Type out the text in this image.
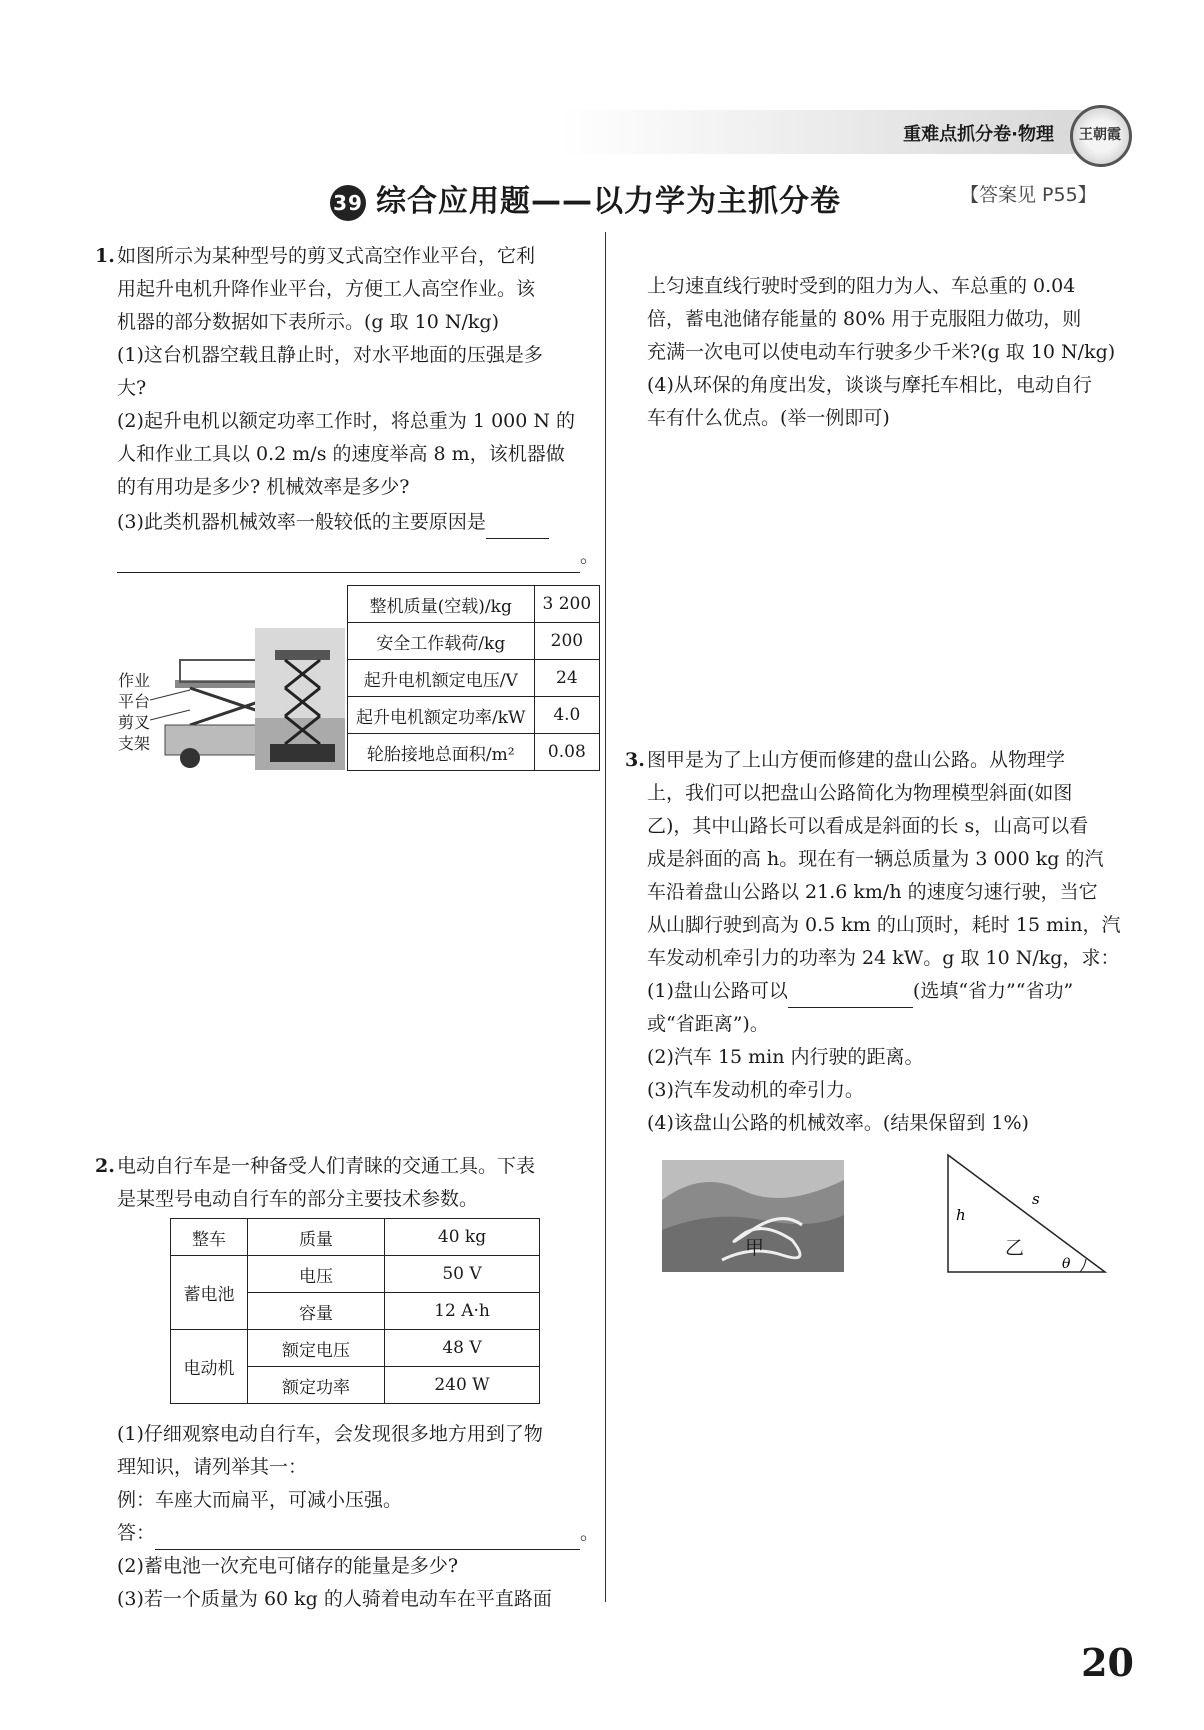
重难点抓分卷·物理 王朝霞
39 综合应用题——以力学为主抓分卷	【答案见 P55】
1. 如图所示为某种型号的剪叉式高空作业平台，它利
用起升电机升降作业平台，方便工人高空作业。该
机器的部分数据如下表所示。(g 取 10 N/kg)
(1)这台机器空载且静止时，对水平地面的压强是多
大?
(2)起升电机以额定功率工作时，将总重为 1 000 N 的
人和作业工具以 0.2 m/s 的速度举高 8 m，该机器做
的有用功是多少? 机械效率是多少?
(3)此类机器机械效率一般较低的主要原因是
。
作业
平台
剪叉
支架
整机质量(空载)/kg	3 200
安全工作载荷/kg	200
起升电机额定电压/V	24
起升电机额定功率/kW	4.0
轮胎接地总面积/m²	0.08
2. 电动自行车是一种备受人们青睐的交通工具。下表
是某型号电动自行车的部分主要技术参数。
整车	质量	40 kg
蓄电池	电压	50 V
	容量	12 A·h
电动机	额定电压	48 V
	额定功率	240 W
(1)仔细观察电动自行车，会发现很多地方用到了物
理知识，请列举其一：
例：车座大而扁平，可减小压强。
答：	。
(2)蓄电池一次充电可储存的能量是多少?
(3)若一个质量为 60 kg 的人骑着电动车在平直路面
上匀速直线行驶时受到的阻力为人、车总重的 0.04
倍，蓄电池储存能量的 80% 用于克服阻力做功，则
充满一次电可以使电动车行驶多少千米?(g 取 10 N/kg)
(4)从环保的角度出发，谈谈与摩托车相比，电动自行
车有什么优点。(举一例即可)
3. 图甲是为了上山方便而修建的盘山公路。从物理学
上，我们可以把盘山公路简化为物理模型斜面(如图
乙)，其中山路长可以看成是斜面的长 s，山高可以看
成是斜面的高 h。现在有一辆总质量为 3 000 kg 的汽
车沿着盘山公路以 21.6 km/h 的速度匀速行驶，当它
从山脚行驶到高为 0.5 km 的山顶时，耗时 15 min，汽
车发动机牵引力的功率为 24 kW。g 取 10 N/kg，求：
(1)盘山公路可以	(选填“省力”“省功”
或“省距离”)。
(2)汽车 15 min 内行驶的距离。
(3)汽车发动机的牵引力。
(4)该盘山公路的机械效率。(结果保留到 1%)
甲
h
s
θ
乙
20
